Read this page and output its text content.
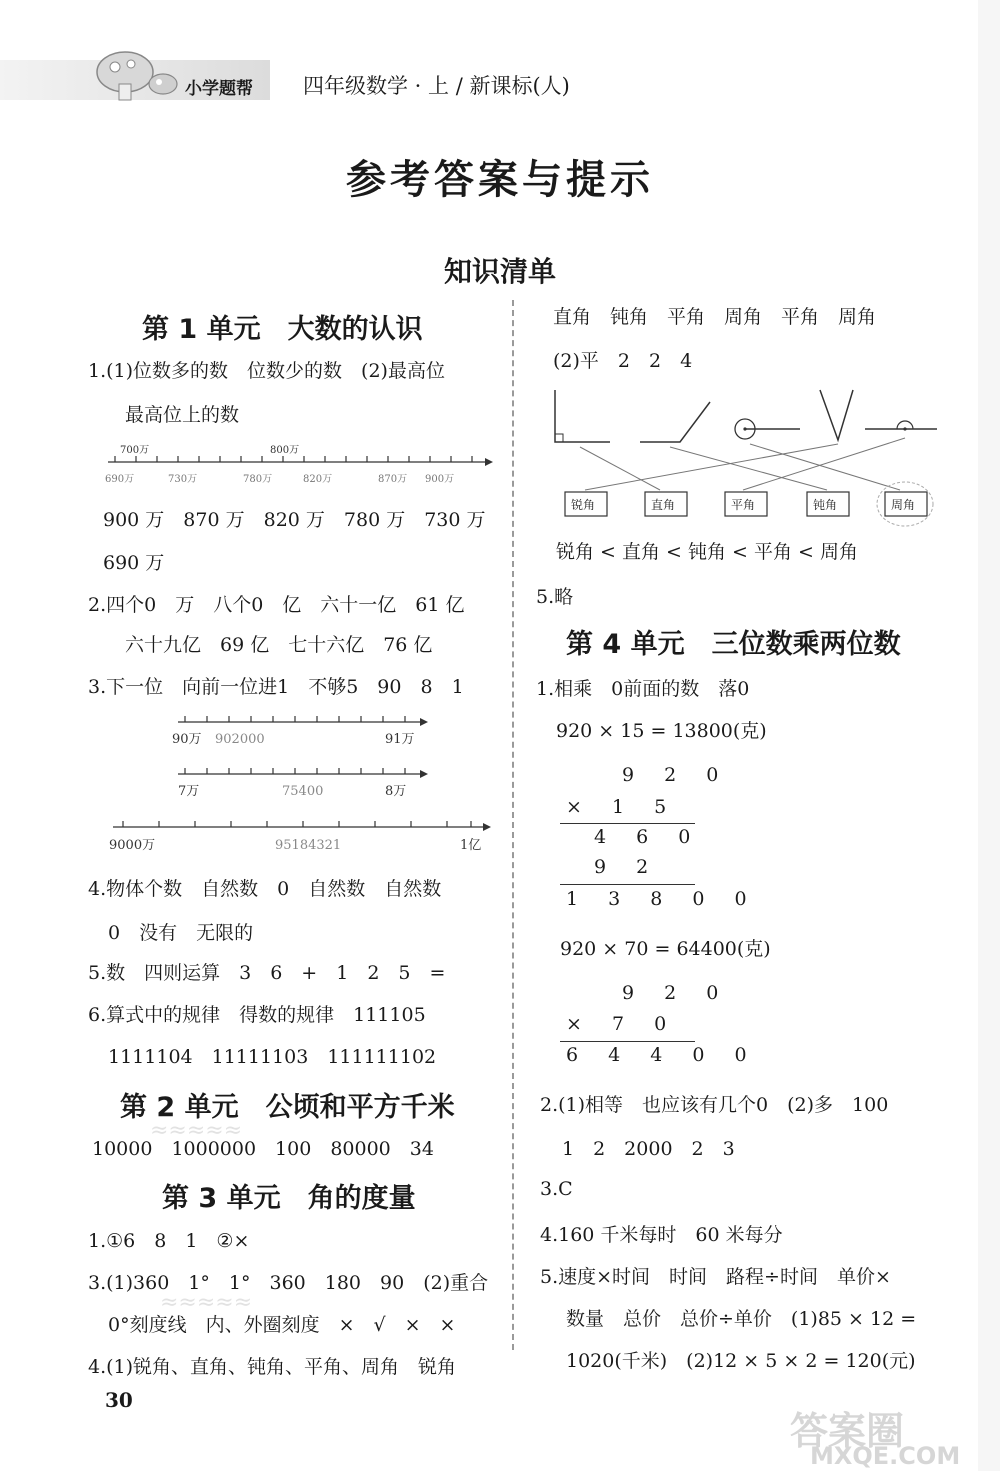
小学题帮 四年级数学 · 上 / 新课标(人)
参考答案与提示
知识清单
第 1 单元　大数的认识
1.(1)位数多的数　位数少的数　(2)最高位
最高位上的数
700万	800万
690万	730万	780万	820万	870万 900万
900 万　870 万　820 万　780 万　730 万
690 万
2.四个0　万　八个0　亿　六十一亿　61 亿
六十九亿　69 亿　七十六亿　76 亿
3.下一位　向前一位进1　不够5　90　8　1
90万 902000	91万
7万	75400	8万
9000万	95184321	1亿
4.物体个数　自然数　0　自然数　自然数
0　没有　无限的
5.数　四则运算　3　6　+　1　2　5　=
6.算式中的规律　得数的规律　111105
1111104　11111103　111111102
第 2 单元　公顷和平方千米
10000　1000000　100　80000　34
≈≈≈≈≈
第 3 单元　角的度量
1.①6　8　1　②×
3.(1)360　1°　1°　360　180　90　(2)重合
0°刻度线　内、外圈刻度　×　√　×　×
4.(1)锐角、直角、钝角、平角、周角　锐角
≈≈≈≈≈
30
直角　钝角　平角　周角　平角　周角
(2)平　2　2　4
锐角	直角	平角	钝角	周角
锐角 < 直角 < 钝角 < 平角 < 周角
5.略
第 4 单元　三位数乘两位数
1.相乘　0前面的数　落0
920 × 15 = 13800(克)
9 2 0
× 1 5
4 6 0
9 2
1 3 8 0 0
920 × 70 = 64400(克)
9 2 0
× 7 0
6 4 4 0 0
2.(1)相等　也应该有几个0　(2)多　100
1　2　2000　2　3
3.C
4.160 千米每时　60 米每分
5.速度×时间　时间　路程÷时间　单价×
数量　总价　总价÷单价　(1)85 × 12 =
1020(千米)　(2)12 × 5 × 2 = 120(元)
答案圈
MXQE.COM
